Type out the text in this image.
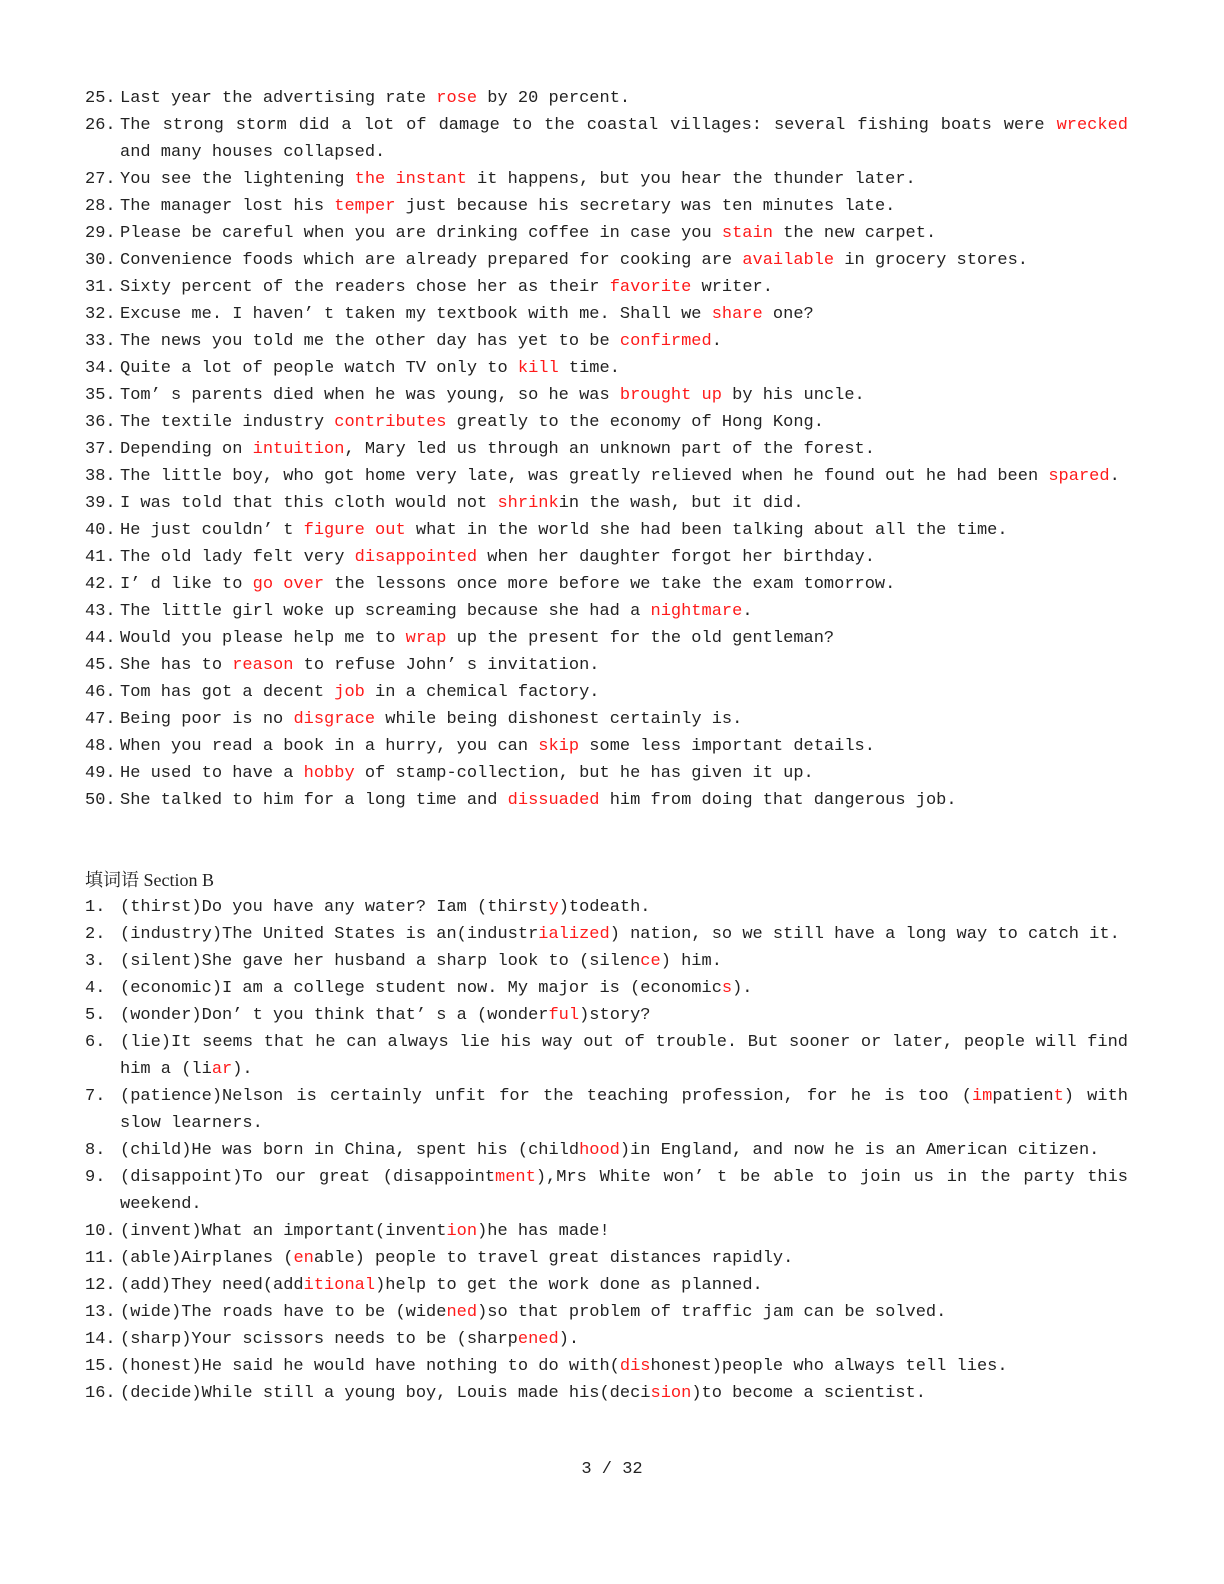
25. Last year the advertising rate rose by 20 percent.
26. The strong storm did a lot of damage to the coastal villages: several fishing boats were wrecked and many houses collapsed.
27. You see the lightening the instant it happens, but you hear the thunder later.
28. The manager lost his temper just because his secretary was ten minutes late.
29. Please be careful when you are drinking coffee in case you stain the new carpet.
30. Convenience foods which are already prepared for cooking are available in grocery stores.
31. Sixty percent of the readers chose her as their favorite writer.
32. Excuse me. I haven’ t taken my textbook with me. Shall we share one?
33. The news you told me the other day has yet to be confirmed.
34. Quite a lot of people watch TV only to kill time.
35. Tom’ s parents died when he was young, so he was brought up by his uncle.
36. The textile industry contributes greatly to the economy of Hong Kong.
37. Depending on intuition, Mary led us through an unknown part of the forest.
38. The little boy, who got home very late, was greatly relieved when he found out he had been spared.
39. I was told that this cloth would not shrinkin the wash, but it did.
40. He just couldn’ t figure out what in the world she had been talking about all the time.
41. The old lady felt very disappointed when her daughter forgot her birthday.
42. I’ d like to go over the lessons once more before we take the exam tomorrow.
43. The little girl woke up screaming because she had a nightmare.
44. Would you please help me to wrap up the present for the old gentleman?
45. She has to reason to refuse John’ s invitation.
46. Tom has got a decent job in a chemical factory.
47. Being poor is no disgrace while being dishonest certainly is.
48. When you read a book in a hurry, you can skip some less important details.
49. He used to have a hobby of stamp-collection, but he has given it up.
50. She talked to him for a long time and dissuaded him from doing that dangerous job.
填词语 Section B
1. (thirst)Do you have any water? Iam (thirsty)todeath.
2. (industry)The United States is an(industrialized) nation, so we still have a long way to catch it.
3. (silent)She gave her husband a sharp look to (silence) him.
4. (economic)I am a college student now. My major is (economics).
5. (wonder)Don’ t you think that’ s a (wonderful)story?
6. (lie)It seems that he can always lie his way out of trouble. But sooner or later, people will find him a (liar).
7. (patience)Nelson is certainly unfit for the teaching profession, for he is too (impatient) with slow learners.
8. (child)He was born in China, spent his (childhood)in England, and now he is an American citizen.
9. (disappoint)To our great (disappointment),Mrs White won’ t be able to join us in the party this weekend.
10. (invent)What an important(invention)he has made!
11. (able)Airplanes (enable) people to travel great distances rapidly.
12. (add)They need(additional)help to get the work done as planned.
13. (wide)The roads have to be (widened)so that problem of traffic jam can be solved.
14. (sharp)Your scissors needs to be (sharpened).
15. (honest)He said he would have nothing to do with(dishonest)people who always tell lies.
16. (decide)While still a young boy, Louis made his(decision)to become a scientist.
3 / 32
